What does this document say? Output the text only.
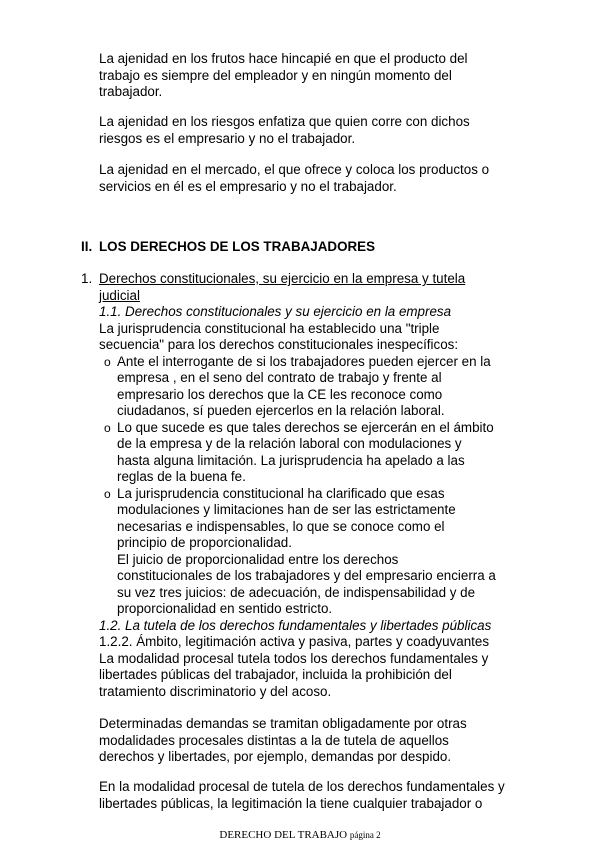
La ajenidad en los frutos hace hincapié en que el producto del
trabajo es siempre del empleador y en ningún momento del
trabajador.
La ajenidad en los riesgos enfatiza que quien corre con dichos
riesgos es el empresario y no el trabajador.
La ajenidad en el mercado, el que ofrece y coloca los productos o
servicios en él es el empresario y no el trabajador.
II. LOS DERECHOS DE LOS TRABAJADORES
1. Derechos constitucionales, su ejercicio en la empresa y tutela
judicial
1.1. Derechos constitucionales y su ejercicio en la empresa
La jurisprudencia constitucional ha establecido una "triple
secuencia" para los derechos constitucionales inespecíficos:
o Ante el interrogante de si los trabajadores pueden ejercer en la
empresa , en el seno del contrato de trabajo y frente al
empresario los derechos que la CE les reconoce como
ciudadanos, sí pueden ejercerlos en la relación laboral.
o Lo que sucede es que tales derechos se ejercerán en el ámbito
de la empresa y de la relación laboral con modulaciones y
hasta alguna limitación. La jurisprudencia ha apelado a las
reglas de la buena fe.
o La jurisprudencia constitucional ha clarificado que esas
modulaciones y limitaciones han de ser las estrictamente
necesarias e indispensables, lo que se conoce como el
principio de proporcionalidad.
El juicio de proporcionalidad entre los derechos
constitucionales de los trabajadores y del empresario encierra a
su vez tres juicios: de adecuación, de indispensabilidad y de
proporcionalidad en sentido estricto.
1.2. La tutela de los derechos fundamentales y libertades públicas
1.2.2. Ámbito, legitimación activa y pasiva, partes y coadyuvantes
La modalidad procesal tutela todos los derechos fundamentales y
libertades públicas del trabajador, incluida la prohibición del
tratamiento discriminatorio y del acoso.
Determinadas demandas se tramitan obligadamente por otras
modalidades procesales distintas a la de tutela de aquellos
derechos y libertades, por ejemplo, demandas por despido.
En la modalidad procesal de tutela de los derechos fundamentales y
libertades públicas, la legitimación la tiene cualquier trabajador o
DERECHO DEL TRABAJO página 2
